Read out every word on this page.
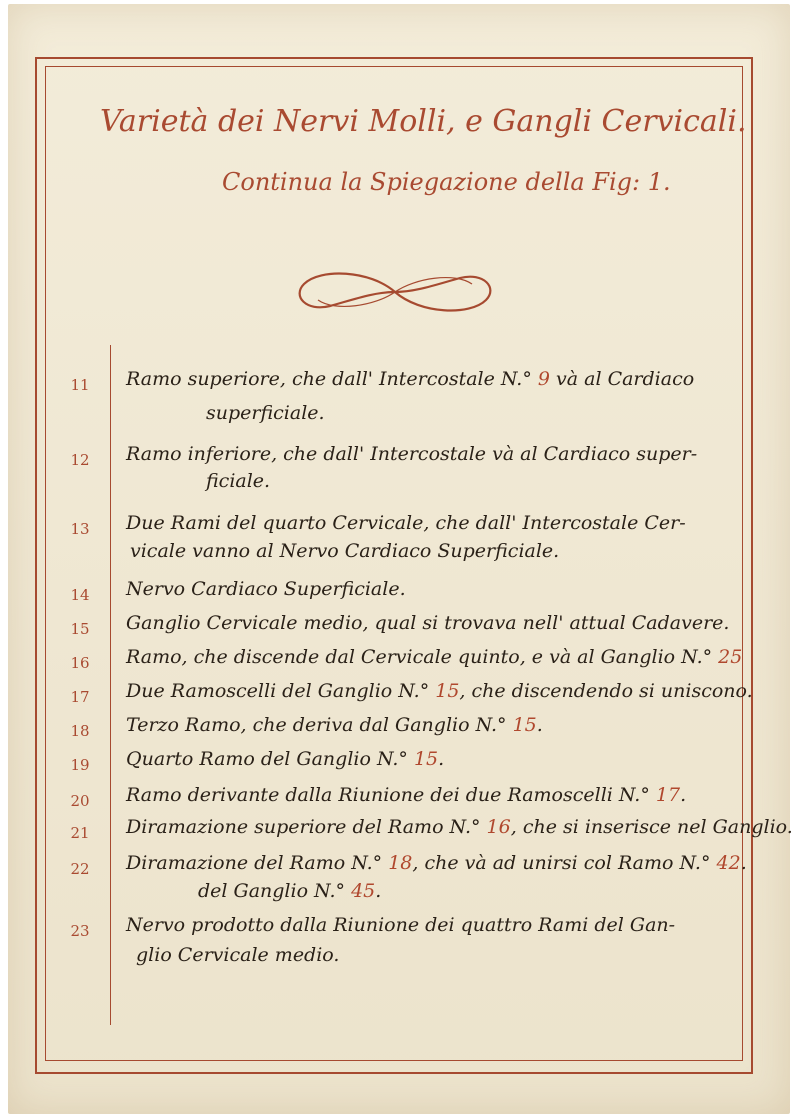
Varietà dei Nervi Molli, e Gangli Cervicali.
Continua la Spiegazione della Fig: 1.
11	Ramo superiore, che dall' Intercostale N.° 9 và al Cardiaco
superficiale.
12	Ramo inferiore, che dall' Intercostale và al Cardiaco super-
ficiale.
13	Due Rami del quarto Cervicale, che dall' Intercostale Cer-
vicale vanno al Nervo Cardiaco Superficiale.
14	Nervo Cardiaco Superficiale.
15	Ganglio Cervicale medio, qual si trovava nell' attual Cadavere.
16	Ramo, che discende dal Cervicale quinto, e và al Ganglio N.° 25
17	Due Ramoscelli del Ganglio N.° 15, che discendendo si uniscono.
18	Terzo Ramo, che deriva dal Ganglio N.° 15.
19	Quarto Ramo del Ganglio N.° 15.
20	Ramo derivante dalla Riunione dei due Ramoscelli N.° 17.
21	Diramazione superiore del Ramo N.° 16, che si inserisce nel Ganglio.
22	Diramazione del Ramo N.° 18, che và ad unirsi col Ramo N.° 42.
del Ganglio N.° 45.
23	Nervo prodotto dalla Riunione dei quattro Rami del Gan-
glio Cervicale medio.
